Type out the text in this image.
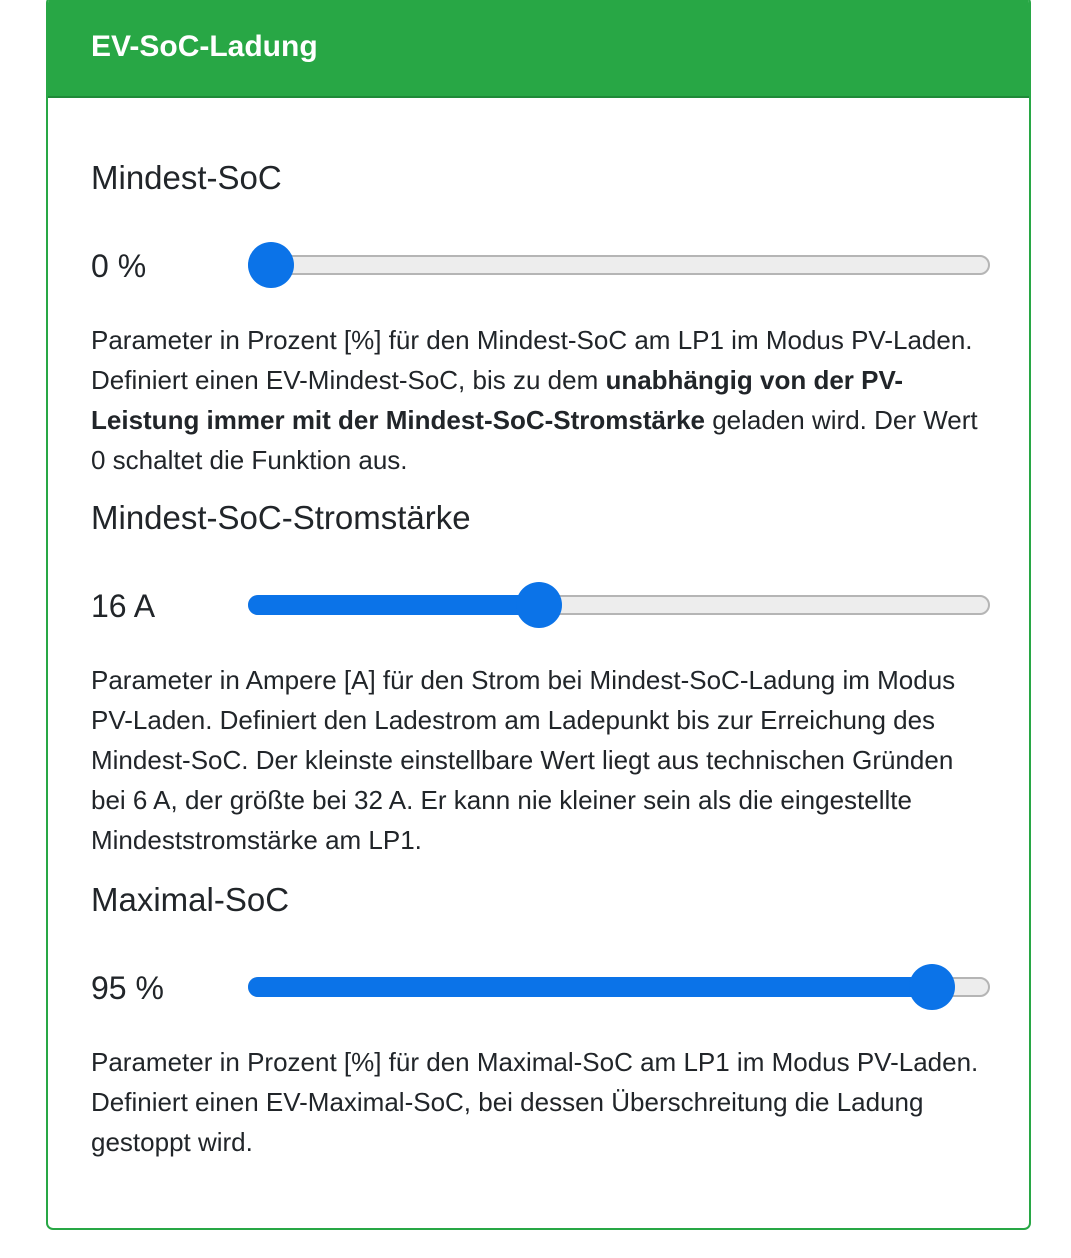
EV-SoC-Ladung
Mindest-SoC
0 %
Parameter in Prozent [%] für den Mindest-SoC am LP1 im Modus PV-Laden. Definiert einen EV-Mindest-SoC, bis zu dem unabhängig von der PV-Leistung immer mit der Mindest-SoC-Stromstärke geladen wird. Der Wert 0 schaltet die Funktion aus.
Mindest-SoC-Stromstärke
16 A
Parameter in Ampere [A] für den Strom bei Mindest-SoC-Ladung im Modus PV-Laden. Definiert den Ladestrom am Ladepunkt bis zur Erreichung des Mindest-SoC. Der kleinste einstellbare Wert liegt aus technischen Gründen bei 6 A, der größte bei 32 A. Er kann nie kleiner sein als die eingestellte Mindeststromstärke am LP1.
Maximal-SoC
95 %
Parameter in Prozent [%] für den Maximal-SoC am LP1 im Modus PV-Laden. Definiert einen EV-Maximal-SoC, bei dessen Überschreitung die Ladung gestoppt wird.
